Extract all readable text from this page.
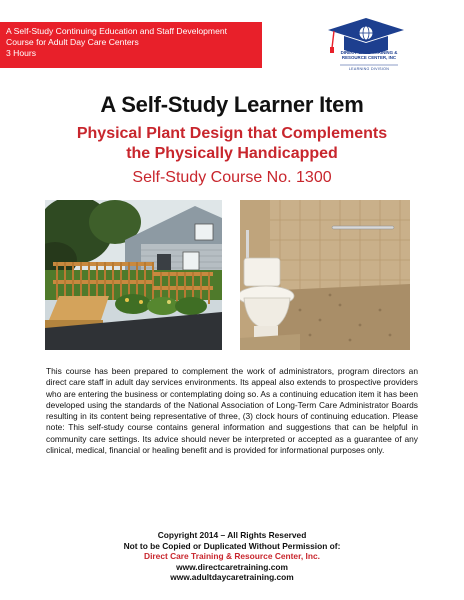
A Self-Study Continuing Education and Staff Development
Course for Adult Day Care Centers
3 Hours	DIRECT CARE TRAINING &
RESOURCE CENTER, INC
LEARNING DIVISION
A Self-Study Learner Item
Physical Plant Design that Complements
the Physically Handicapped
Self-Study Course No. 1300

This course has been prepared to complement the work of administrators, program directors an direct care staff in adult day services environments. Its appeal also extends to prospective providers who are entering the business or contemplating doing so. As a continuing education item it has been developed using the standards of the National Association of Long-Term Care Administrator Boards resulting in its content being representative of three, (3) clock hours of continuing education. Please note: This self-study course contains general information and suggestions that can be helpful in community care settings. Its advice should never be interpreted or accepted as a guarantee of any clinical, medical, financial or healing benefit and is provided for informational purposes only.

Copyright 2014 – All Rights Reserved
Not to be Copied or Duplicated Without Permission of:
Direct Care Training & Resource Center, Inc.
www.directcaretraining.com
www.adultdaycaretraining.com
